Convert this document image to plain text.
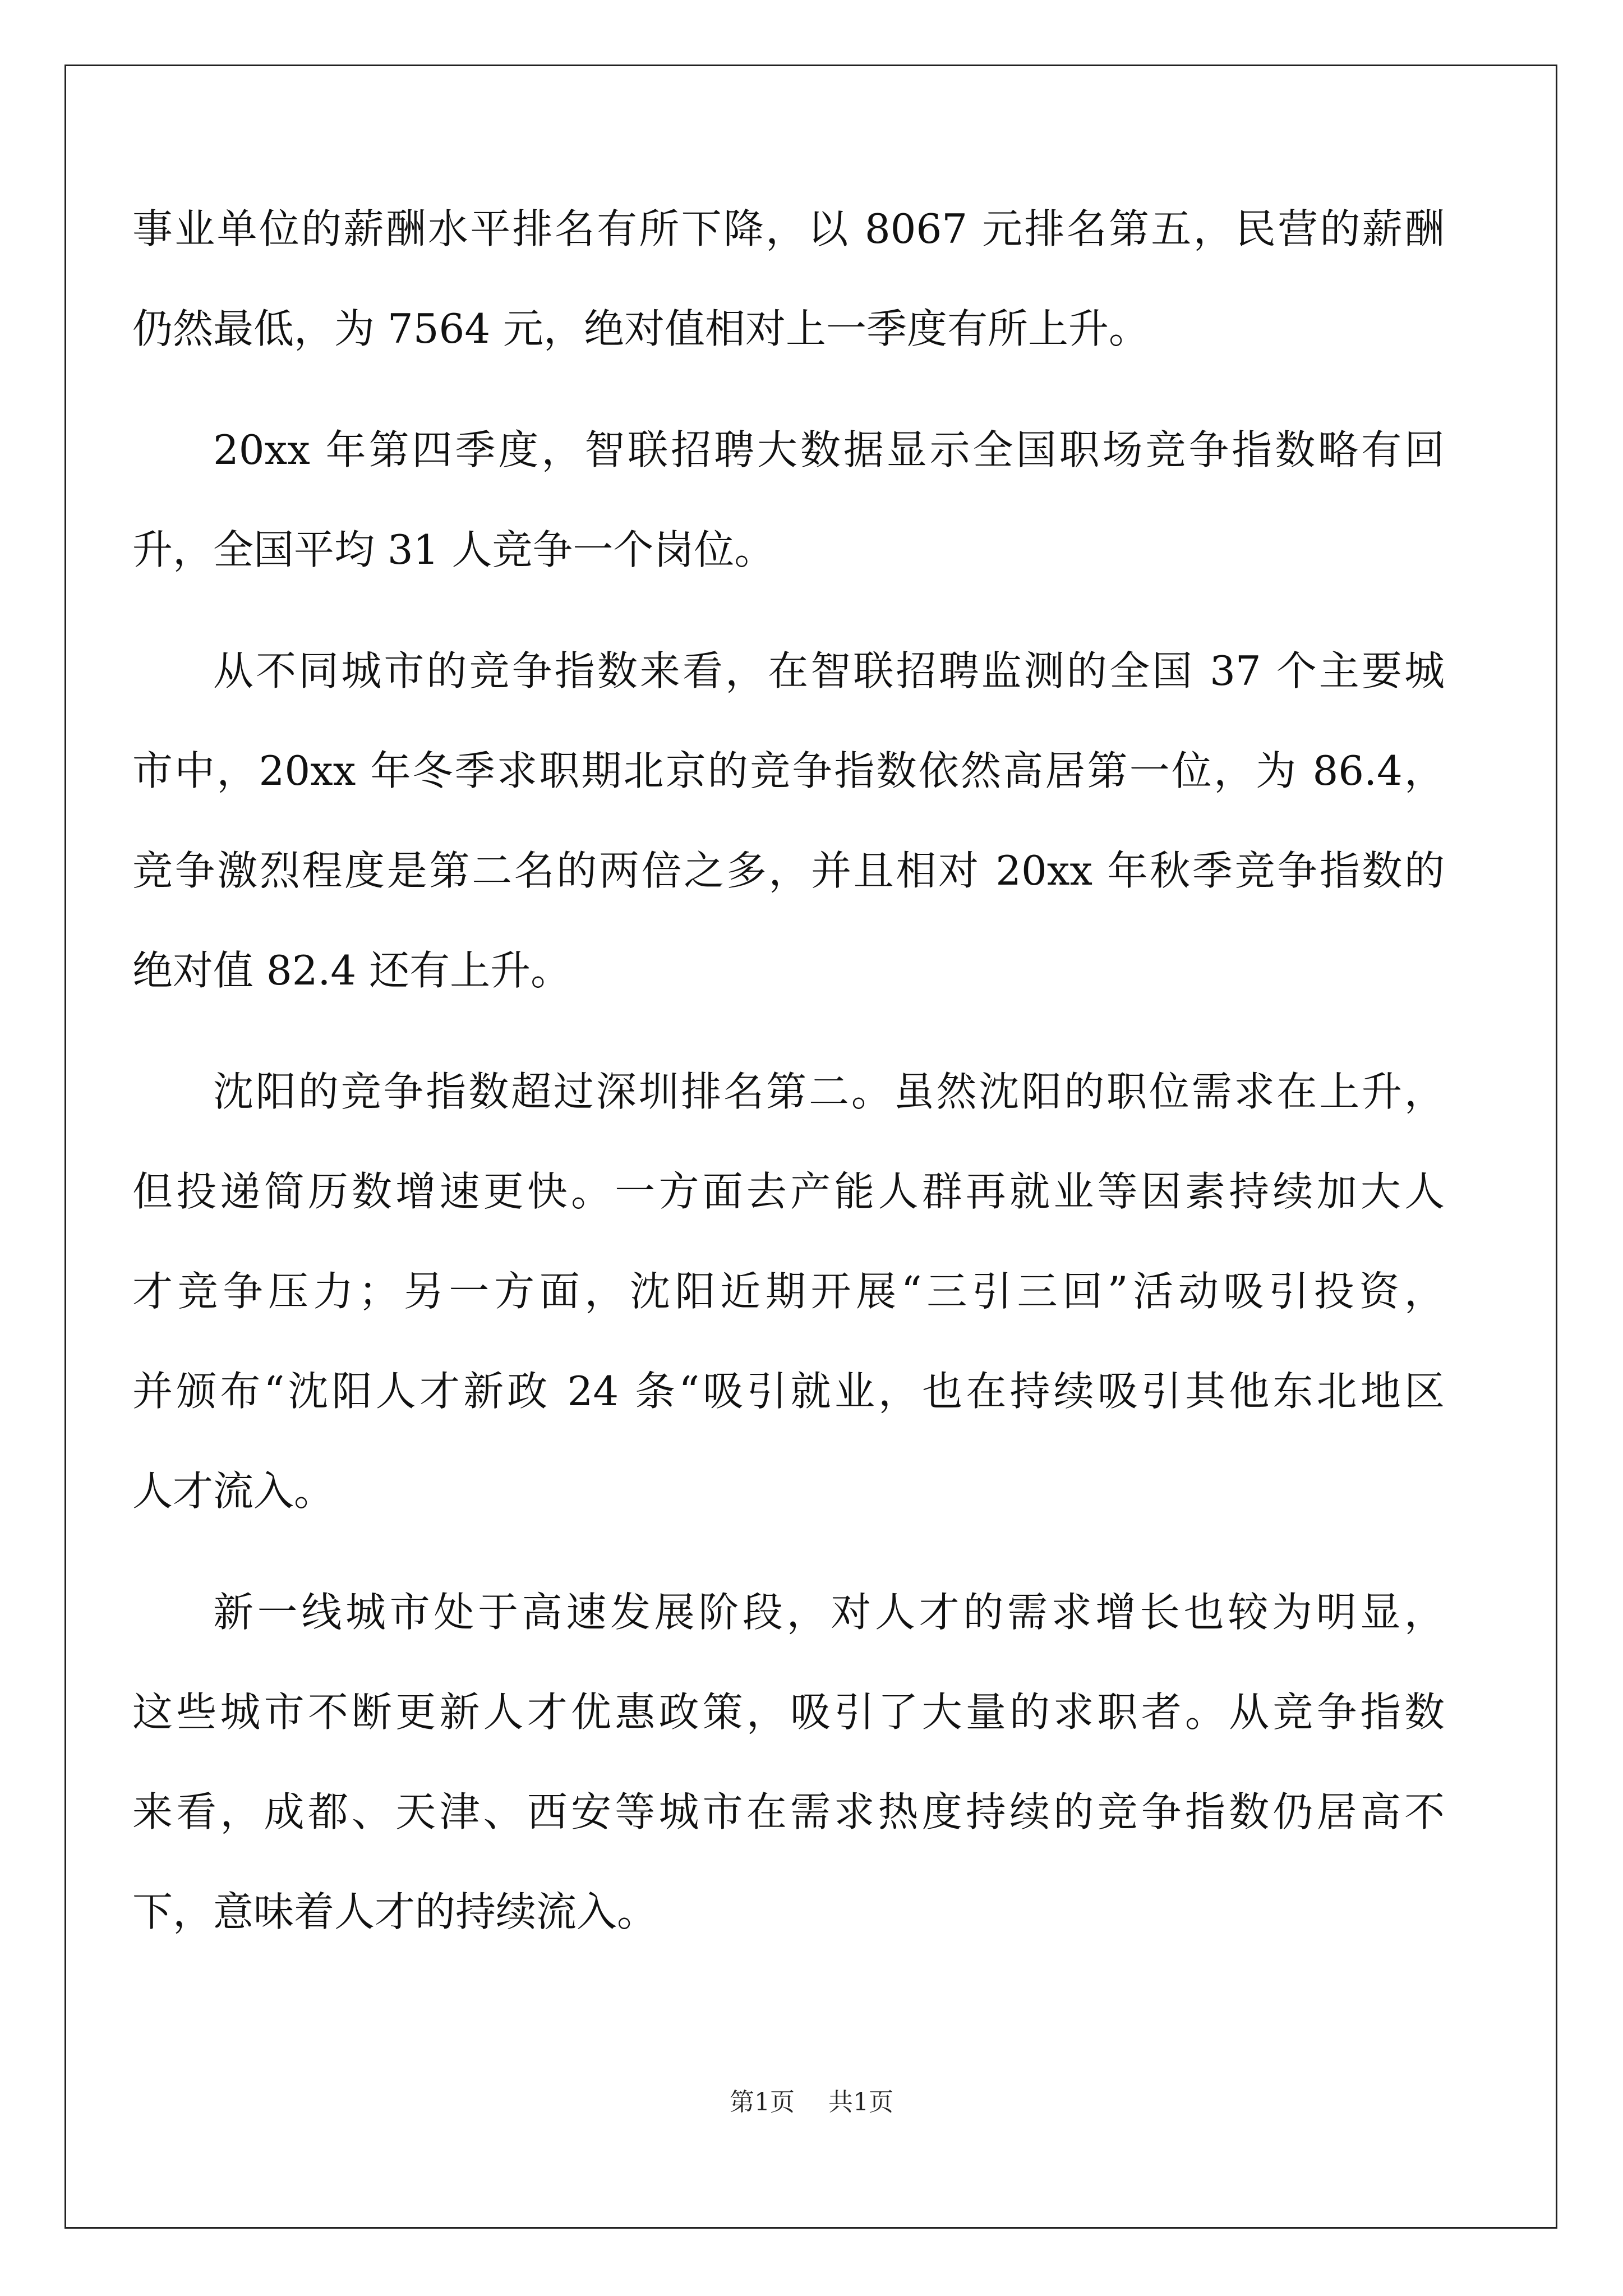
事业单位的薪酬水平排名有所下降，以 8067 元排名第五，民营的薪酬
仍然最低，为 7564 元，绝对值相对上一季度有所上升。
20xx 年第四季度，智联招聘大数据显示全国职场竞争指数略有回
升，全国平均 31 人竞争一个岗位。
从不同城市的竞争指数来看，在智联招聘监测的全国 37 个主要城
市中，20xx 年冬季求职期北京的竞争指数依然高居第一位，为 86.4，
竞争激烈程度是第二名的两倍之多，并且相对 20xx 年秋季竞争指数的
绝对值 82.4 还有上升。
沈阳的竞争指数超过深圳排名第二。虽然沈阳的职位需求在上升，
但投递简历数增速更快。一方面去产能人群再就业等因素持续加大人
才竞争压力；另一方面，沈阳近期开展“三引三回”活动吸引投资，
并颁布“沈阳人才新政 24 条“吸引就业，也在持续吸引其他东北地区
人才流入。
新一线城市处于高速发展阶段，对人才的需求增长也较为明显，
这些城市不断更新人才优惠政策，吸引了大量的求职者。从竞争指数
来看，成都、天津、西安等城市在需求热度持续的竞争指数仍居高不
下，意味着人才的持续流入。
第1页 共1页
